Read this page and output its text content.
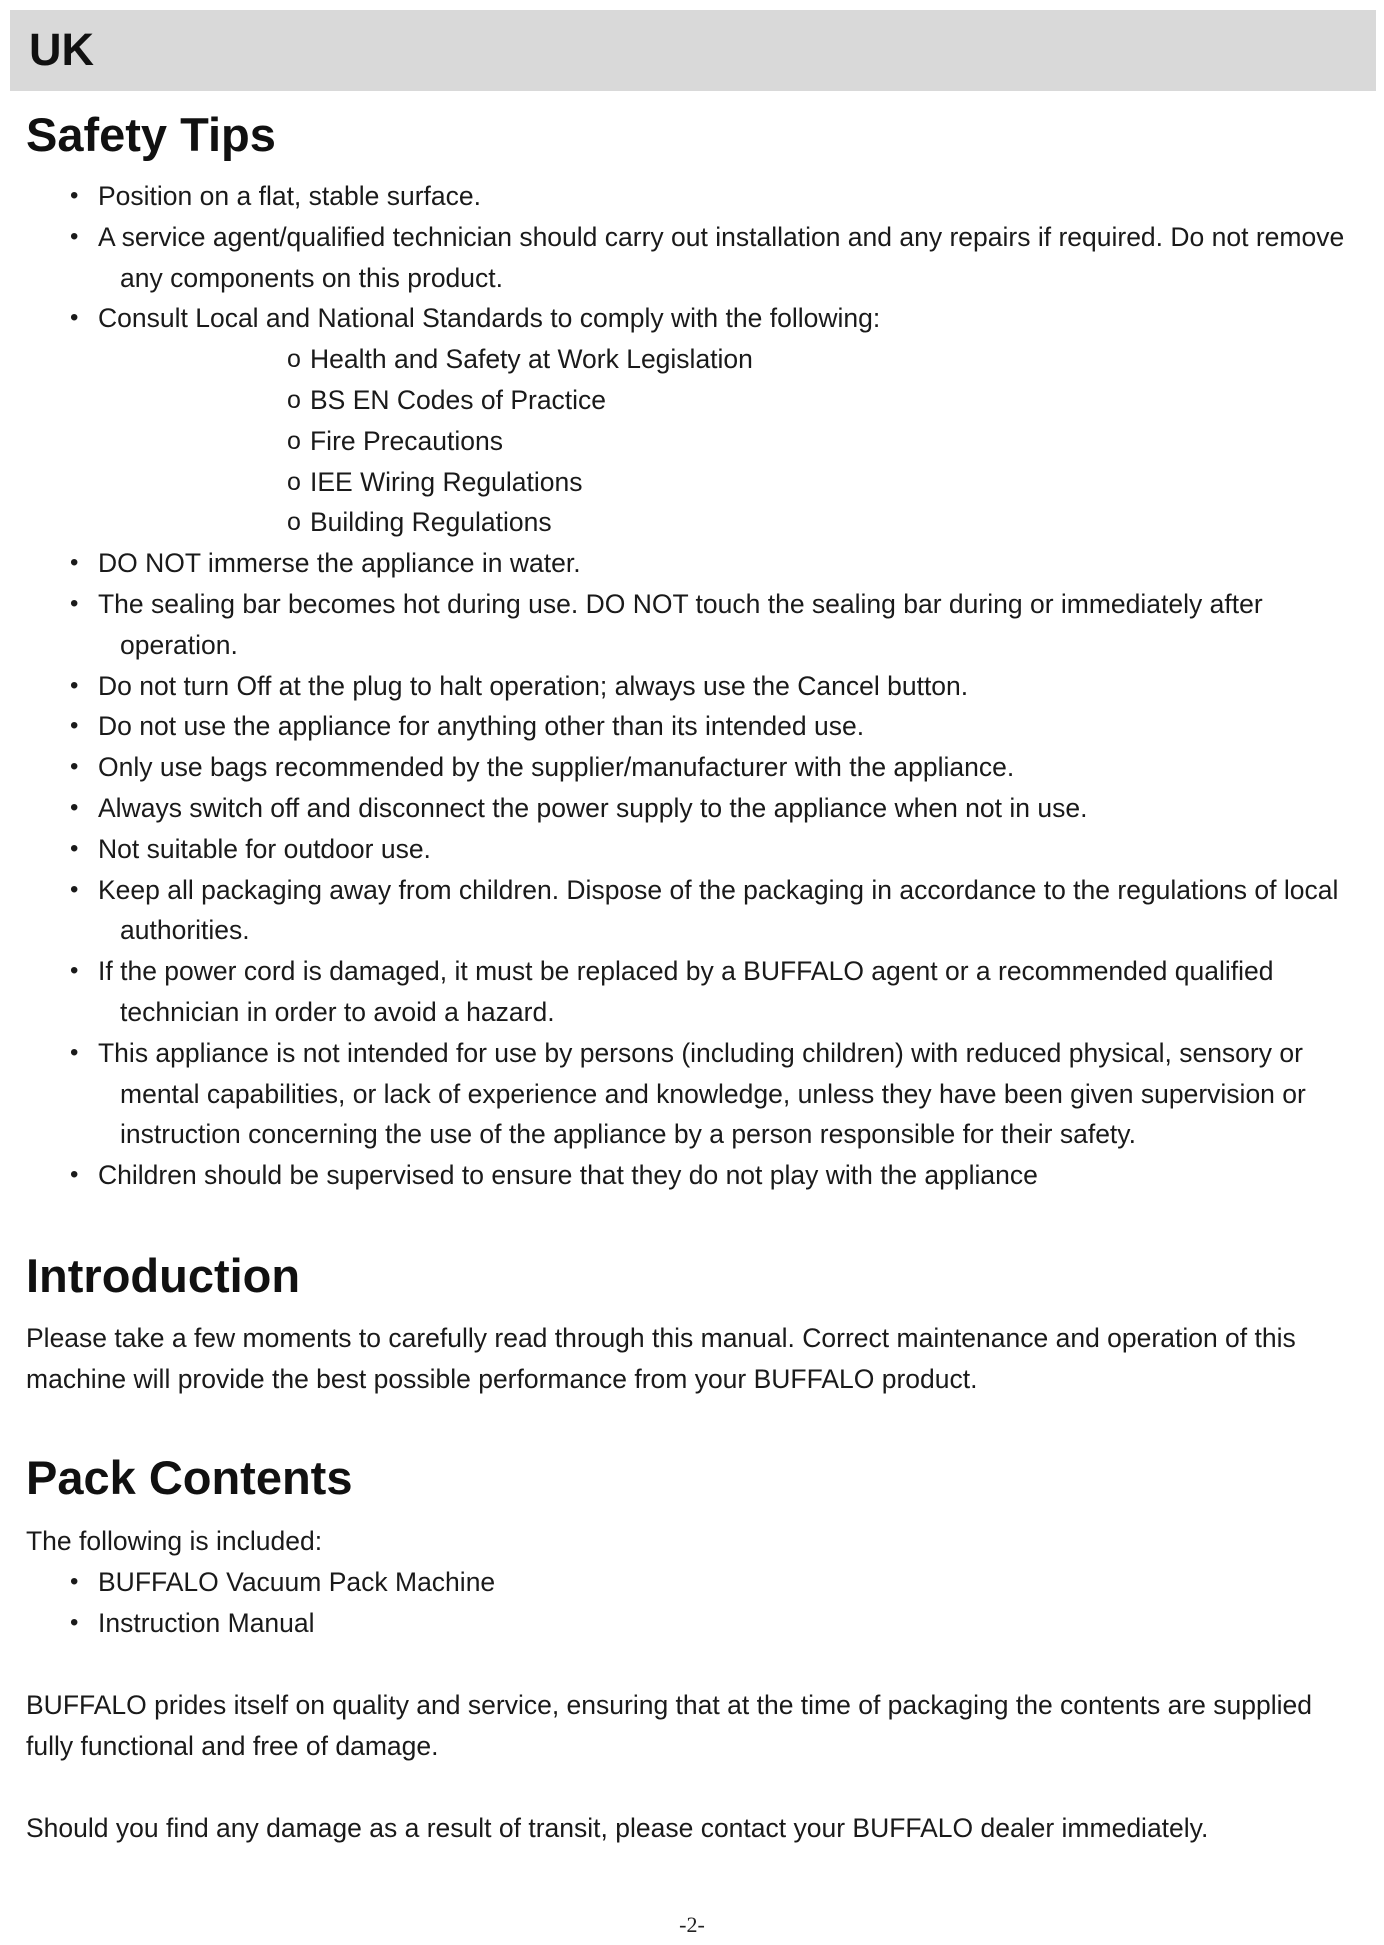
UK
Safety Tips
• Position on a flat, stable surface.
• A service agent/qualified technician should carry out installation and any repairs if required. Do not remove any components on this product.
• Consult Local and National Standards to comply with the following:
o Health and Safety at Work Legislation
o BS EN Codes of Practice
o Fire Precautions
o IEE Wiring Regulations
o Building Regulations
• DO NOT immerse the appliance in water.
• The sealing bar becomes hot during use. DO NOT touch the sealing bar during or immediately after operation.
• Do not turn Off at the plug to halt operation; always use the Cancel button.
• Do not use the appliance for anything other than its intended use.
• Only use bags recommended by the supplier/manufacturer with the appliance.
• Always switch off and disconnect the power supply to the appliance when not in use.
• Not suitable for outdoor use.
• Keep all packaging away from children. Dispose of the packaging in accordance to the regulations of local authorities.
• If the power cord is damaged, it must be replaced by a BUFFALO agent or a recommended qualified technician in order to avoid a hazard.
• This appliance is not intended for use by persons (including children) with reduced physical, sensory or mental capabilities, or lack of experience and knowledge, unless they have been given supervision or instruction concerning the use of the appliance by a person responsible for their safety.
• Children should be supervised to ensure that they do not play with the appliance
Introduction

Please take a few moments to carefully read through this manual. Correct maintenance and operation of this machine will provide the best possible performance from your BUFFALO product.

Pack Contents

The following is included:

• BUFFALO Vacuum Pack Machine
• Instruction Manual

BUFFALO prides itself on quality and service, ensuring that at the time of packaging the contents are supplied fully functional and free of damage.

Should you find any damage as a result of transit, please contact your BUFFALO dealer immediately.

-2-
